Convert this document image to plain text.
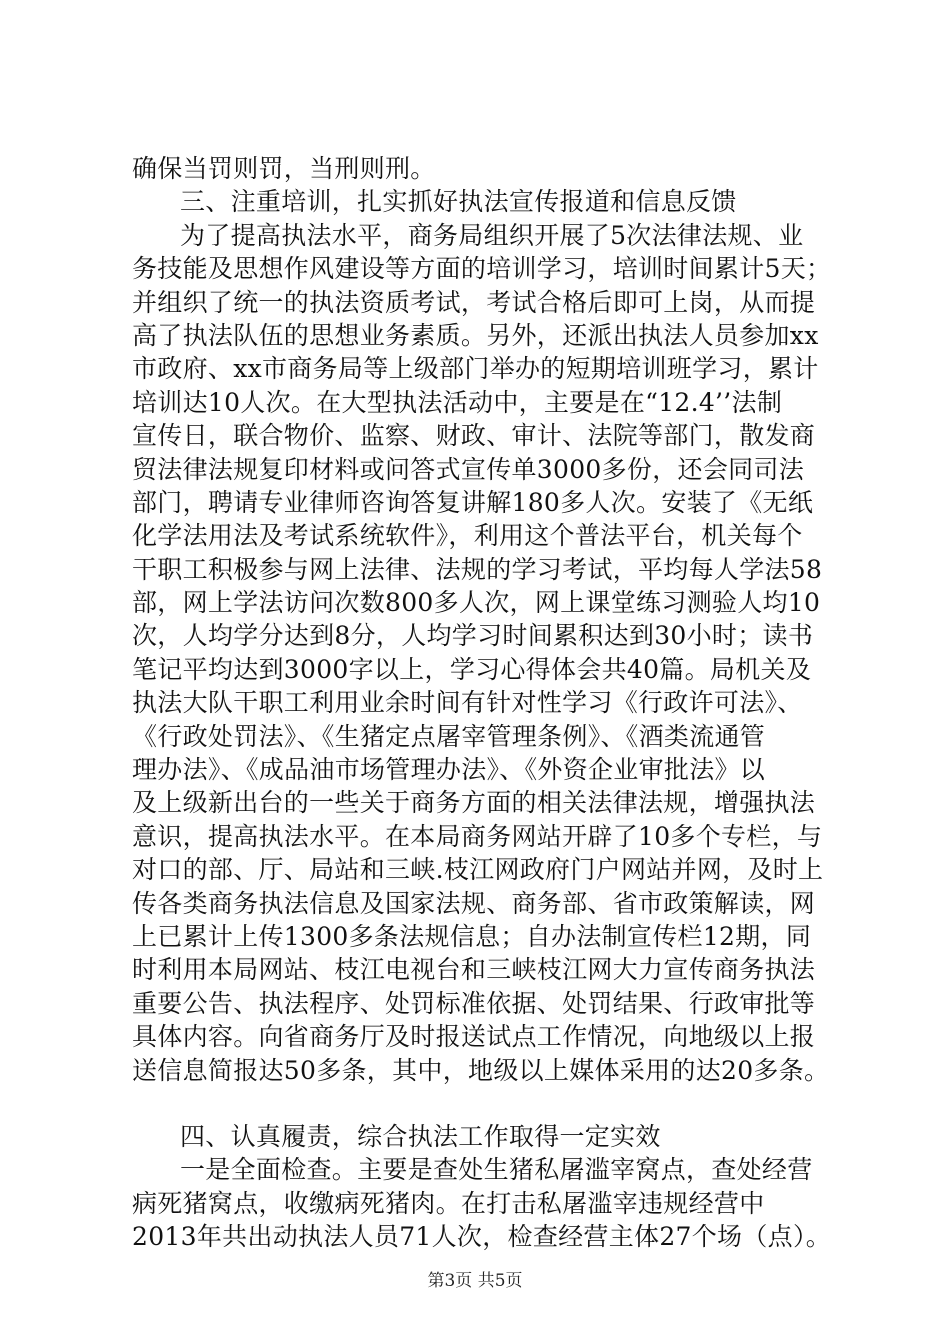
确保当罚则罚，当刑则刑。
三、注重培训，扎实抓好执法宣传报道和信息反馈
为了提高执法水平，商务局组织开展了5次法律法规、业
务技能及思想作风建设等方面的培训学习，培训时间累计5天；
并组织了统一的执法资质考试，考试合格后即可上岗，从而提
高了执法队伍的思想业务素质。另外，还派出执法人员参加xx
市政府、xx市商务局等上级部门举办的短期培训班学习，累计
培训达10人次。在大型执法活动中，主要是在“12.4’’法制
宣传日，联合物价、监察、财政、审计、法院等部门，散发商
贸法律法规复印材料或问答式宣传单3000多份，还会同司法
部门，聘请专业律师咨询答复讲解180多人次。安装了《无纸
化学法用法及考试系统软件》，利用这个普法平台，机关每个
干职工积极参与网上法律、法规的学习考试，平均每人学法58
部，网上学法访问次数800多人次，网上课堂练习测验人均10
次，人均学分达到8分，人均学习时间累积达到30小时；读书
笔记平均达到3000字以上，学习心得体会共40篇。局机关及
执法大队干职工利用业余时间有针对性学习《行政许可法》、
《行政处罚法》、《生猪定点屠宰管理条例》、《酒类流通管
理办法》、《成品油市场管理办法》、《外资企业审批法》以
及上级新出台的一些关于商务方面的相关法律法规，增强执法
意识，提高执法水平。在本局商务网站开辟了10多个专栏，与
对口的部、厅、局站和三峡.枝江网政府门户网站并网，及时上
传各类商务执法信息及国家法规、商务部、省市政策解读，网
上已累计上传1300多条法规信息；自办法制宣传栏12期，同
时利用本局网站、枝江电视台和三峡枝江网大力宣传商务执法
重要公告、执法程序、处罚标准依据、处罚结果、行政审批等
具体内容。向省商务厅及时报送试点工作情况，向地级以上报
送信息简报达50多条，其中，地级以上媒体采用的达20多条。
四、认真履责，综合执法工作取得一定实效
一是全面检查。主要是查处生猪私屠滥宰窝点，查处经营
病死猪窝点，收缴病死猪肉。在打击私屠滥宰违规经营中
2013年共出动执法人员71人次，检查经营主体27个场（点）。
第3页 共5页
